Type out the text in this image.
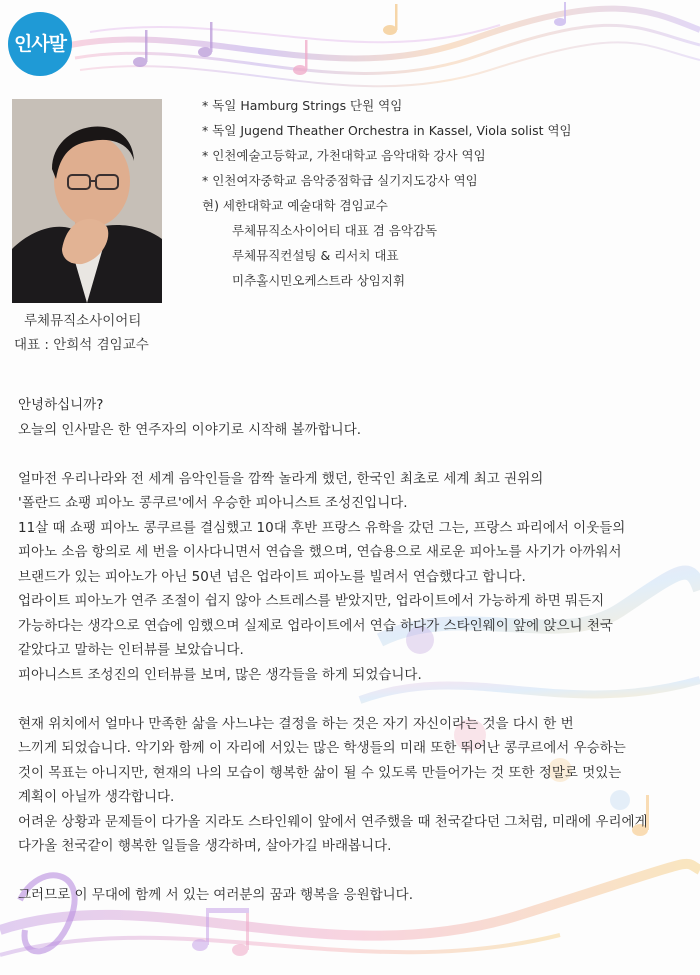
인사말
루체뮤직소사이어티
대표 : 안희석 겸임교수
* 독일 Hamburg Strings 단원 역임
* 독일 Jugend Theather Orchestra in Kassel, Viola solist 역임
* 인천예술고등학교, 가천대학교 음악대학 강사 역임
* 인천여자중학교 음악중점학급 실기지도강사 역임
현) 세한대학교 예술대학 겸임교수
루체뮤직소사이어티 대표 겸 음악감독
루체뮤직컨설팅 & 리서치 대표
미추홀시민오케스트라 상임지휘
안녕하십니까?
오늘의 인사말은 한 연주자의 이야기로 시작해 볼까합니다.
얼마전 우리나라와 전 세계 음악인들을 깜짝 놀라게 했던, 한국인 최초로 세계 최고 권위의
'폴란드 쇼팽 피아노 콩쿠르'에서 우승한 피아니스트 조성진입니다.
11살 때 쇼팽 피아노 콩쿠르를 결심했고 10대 후반 프랑스 유학을 갔던 그는, 프랑스 파리에서 이웃들의
피아노 소음 항의로 세 번을 이사다니면서 연습을 했으며, 연습용으로 새로운 피아노를 사기가 아까워서
브랜드가 있는 피아노가 아닌 50년 넘은 업라이트 피아노를 빌려서 연습했다고 합니다.
업라이트 피아노가 연주 조절이 쉽지 않아 스트레스를 받았지만, 업라이트에서 가능하게 하면 뭐든지
가능하다는 생각으로 연습에 임했으며 실제로 업라이트에서 연습 하다가 스타인웨이 앞에 앉으니 천국
같았다고 말하는 인터뷰를 보았습니다.
피아니스트 조성진의 인터뷰를 보며, 많은 생각들을 하게 되었습니다.
현재 위치에서 얼마나 만족한 삶을 사느냐는 결정을 하는 것은 자기 자신이라는 것을 다시 한 번
느끼게 되었습니다. 악기와 함께 이 자리에 서있는 많은 학생들의 미래 또한 뛰어난 콩쿠르에서 우승하는
것이 목표는 아니지만, 현재의 나의 모습이 행복한 삶이 될 수 있도록 만들어가는 것 또한 정말로 멋있는
계획이 아닐까 생각합니다.
어려운 상황과 문제들이 다가올 지라도 스타인웨이 앞에서 연주했을 때 천국같다던 그처럼, 미래에 우리에게
다가올 천국같이 행복한 일들을 생각하며, 살아가길 바래봅니다.
그러므로 이 무대에 함께 서 있는 여러분의 꿈과 행복을 응원합니다.
